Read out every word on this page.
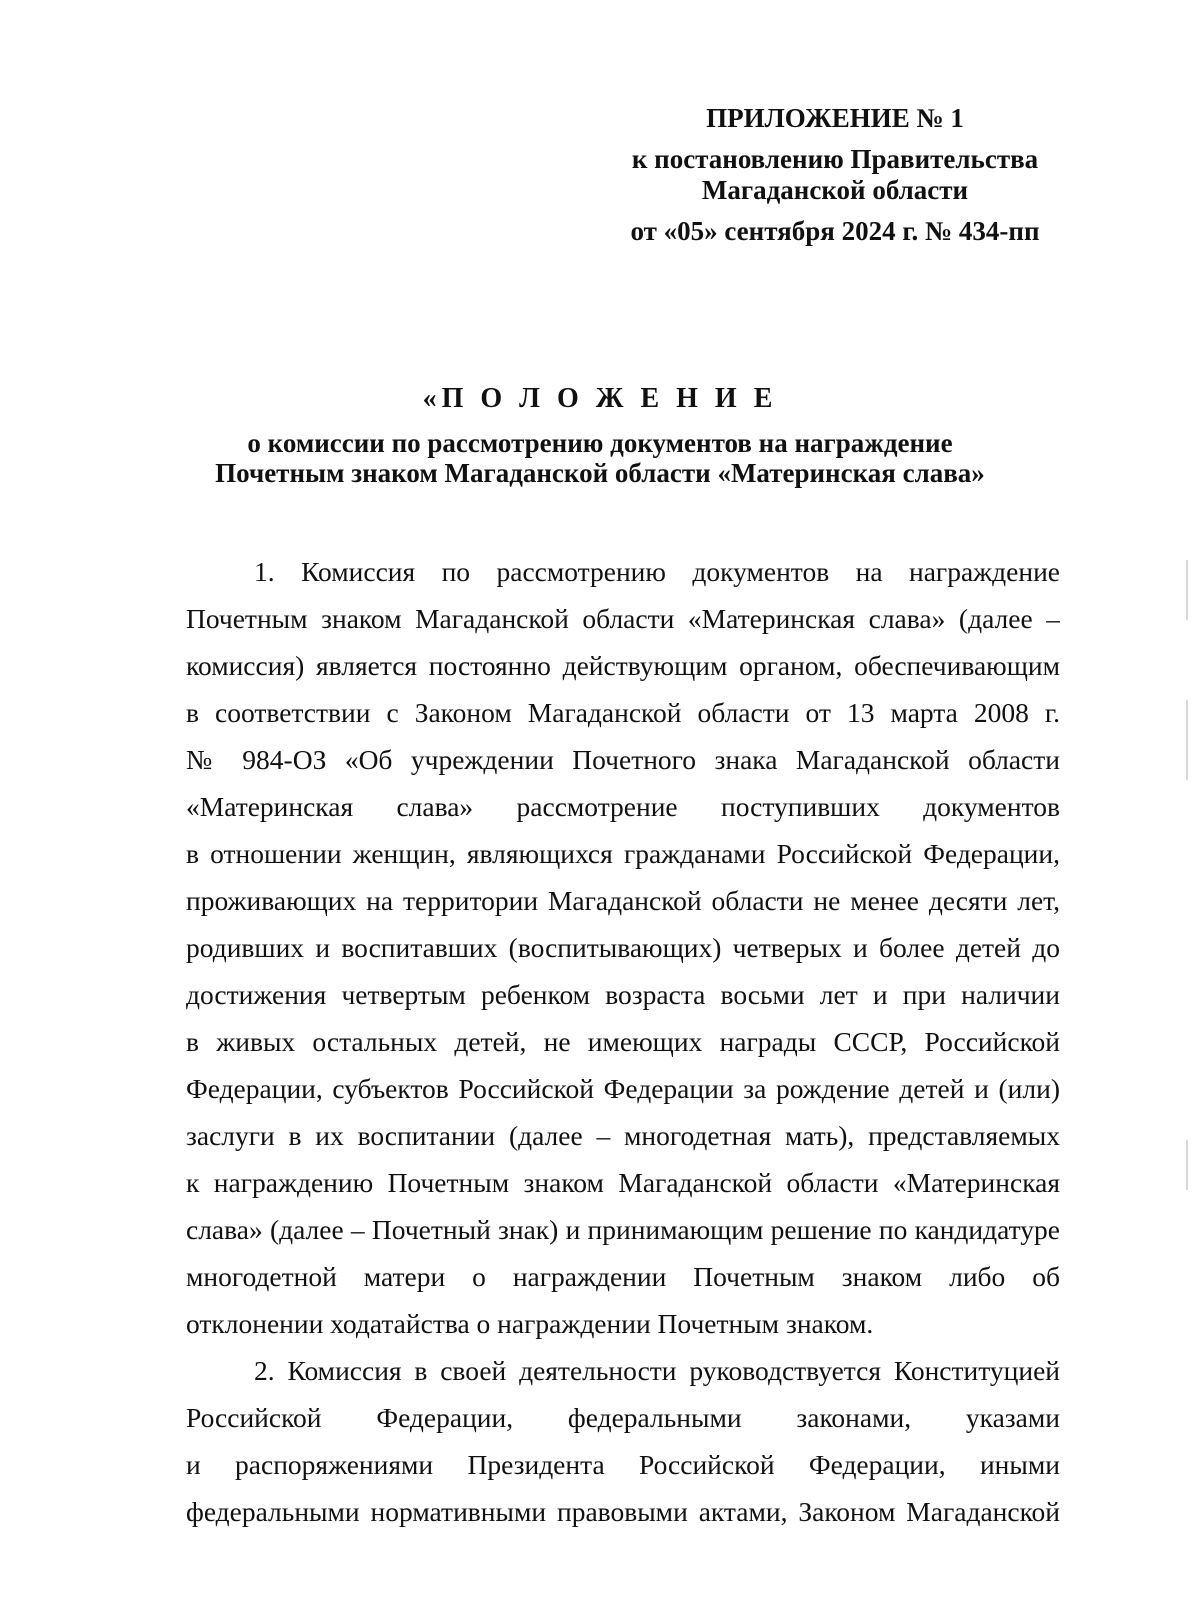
ПРИЛОЖЕНИЕ № 1
к постановлению Правительства
Магаданской области
от «05» сентября 2024 г. № 434-пп
«П О Л О Ж Е Н И Е
о комиссии по рассмотрению документов на награждение
Почетным знаком Магаданской области «Материнская слава»
1. Комиссия по рассмотрению документов на награждение
Почетным знаком Магаданской области «Материнская слава» (далее –
комиссия) является постоянно действующим органом, обеспечивающим
в соответствии с Законом Магаданской области от 13 марта 2008 г.
№ 984-ОЗ «Об учреждении Почетного знака Магаданской области
«Материнская слава» рассмотрение поступивших документов
в отношении женщин, являющихся гражданами Российской Федерации,
проживающих на территории Магаданской области не менее десяти лет,
родивших и воспитавших (воспитывающих) четверых и более детей до
достижения четвертым ребенком возраста восьми лет и при наличии
в живых остальных детей, не имеющих награды СССР, Российской
Федерации, субъектов Российской Федерации за рождение детей и (или)
заслуги в их воспитании (далее – многодетная мать), представляемых
к награждению Почетным знаком Магаданской области «Материнская
слава» (далее – Почетный знак) и принимающим решение по кандидатуре
многодетной матери о награждении Почетным знаком либо об
отклонении ходатайства о награждении Почетным знаком.
2. Комиссия в своей деятельности руководствуется Конституцией
Российской Федерации, федеральными законами, указами
и распоряжениями Президента Российской Федерации, иными
федеральными нормативными правовыми актами, Законом Магаданской
